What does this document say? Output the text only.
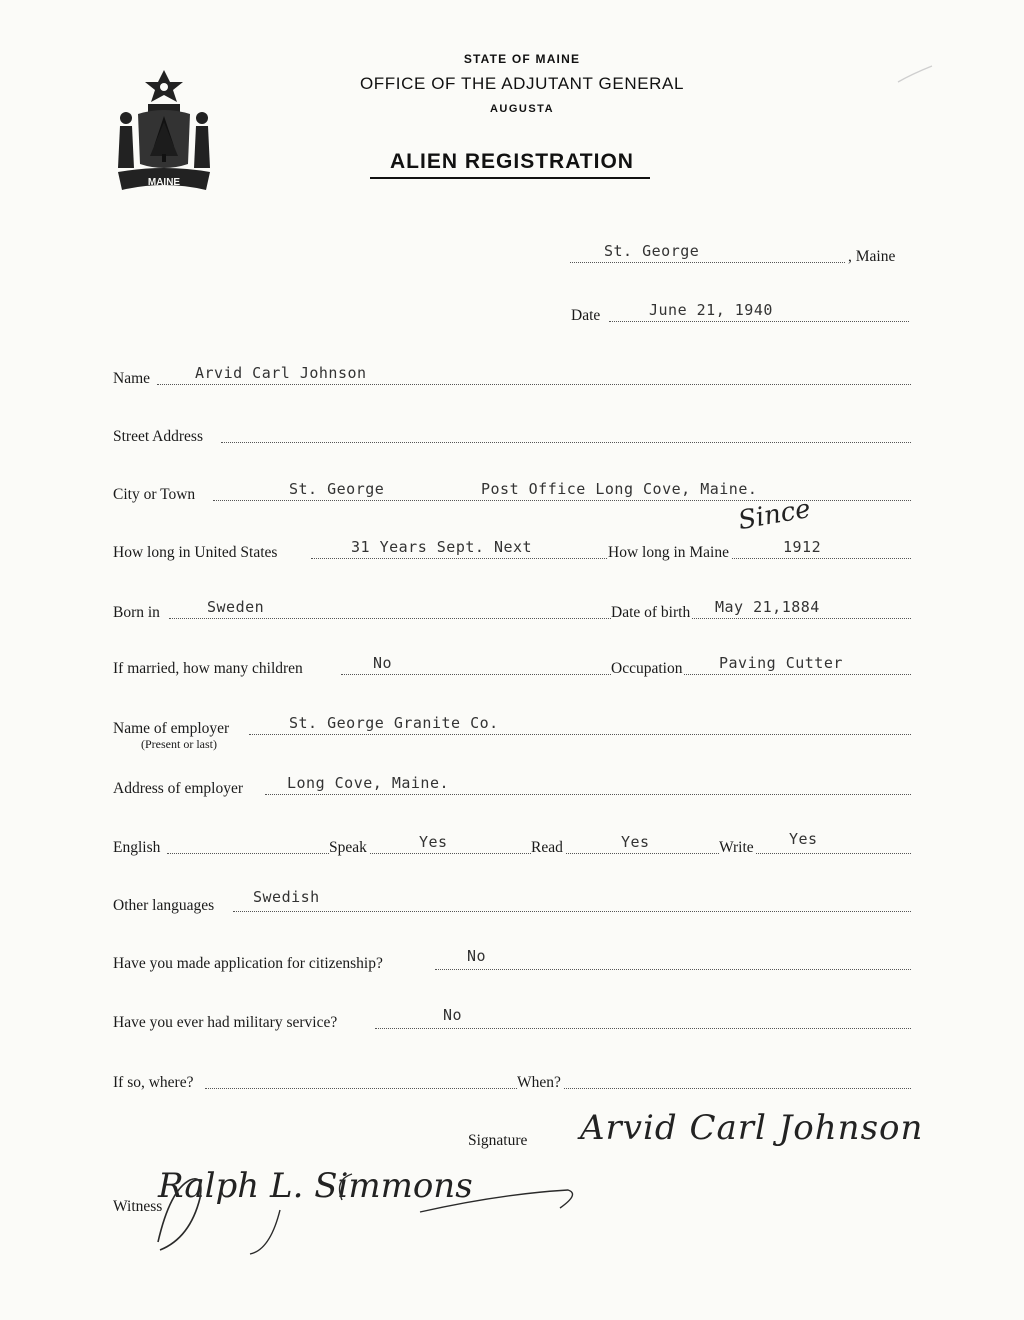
MAINE
STATE OF MAINE
OFFICE OF THE ADJUTANT GENERAL
AUGUSTA
ALIEN REGISTRATION
St. George	, Maine
Date	June 21, 1940
Name	Arvid Carl Johnson
Street Address
City or Town	St. George	Post Office Long Cove, Maine.
How long in United States	31 Years Sept. Next	How long in Maine	1912
Since
Born in	Sweden	Date of birth May 21,1884
If married, how many children	No	Occupation Paving Cutter
Name of employer	St. George Granite Co.
(Present or last)
Address of employer	Long Cove, Maine.
English	Speak	Yes	Read	Yes	Write Yes
Other languages	Swedish
Have you made application for citizenship?	No
Have you ever had military service?	No
If so, where?	When?
Signature Arvid Carl Johnson
Witness
Ralph L. Simmons
